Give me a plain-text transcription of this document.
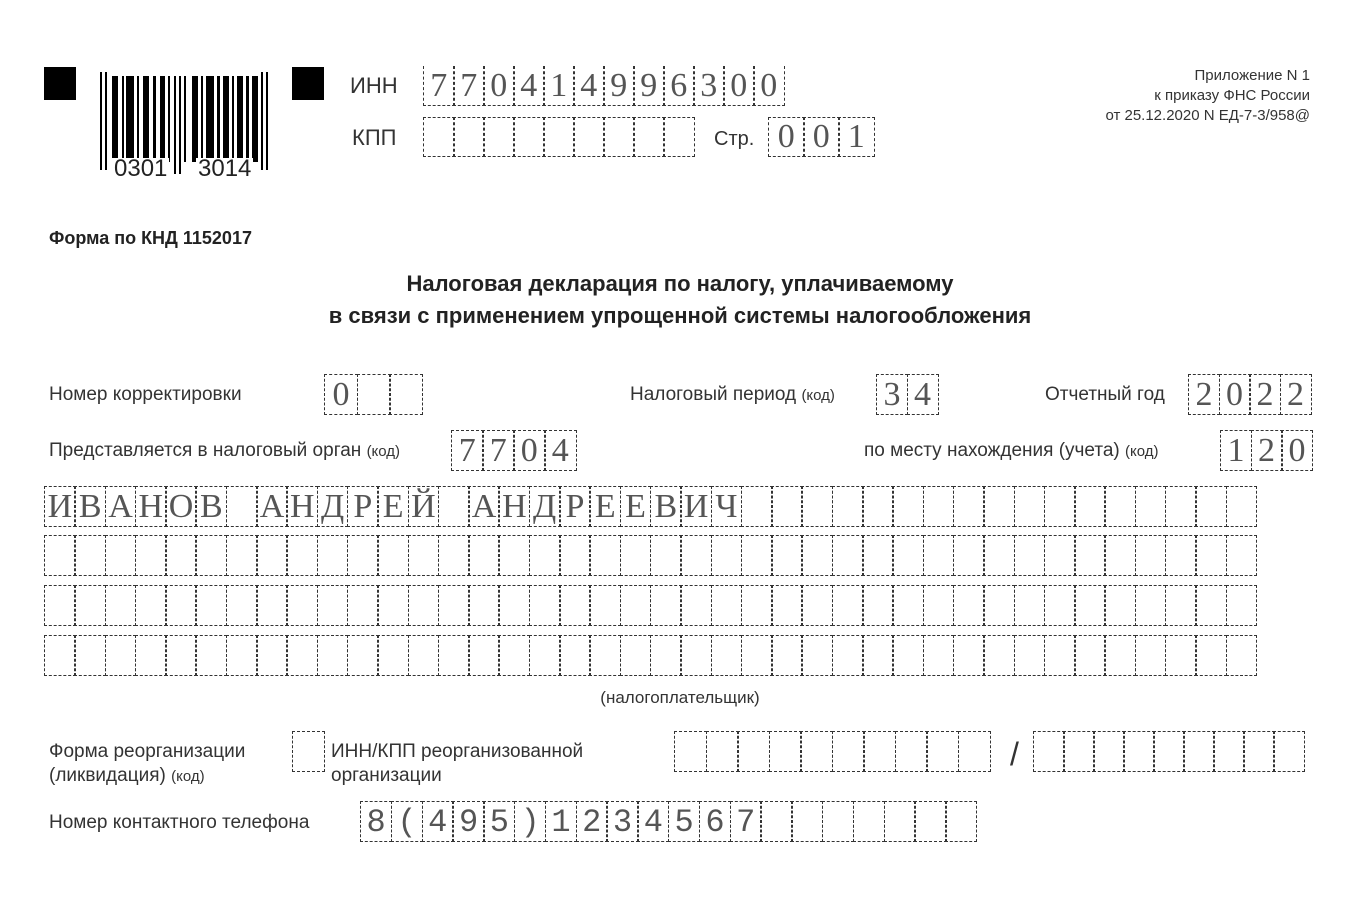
0301 3014
ИНН 7 7 0 4 1 4 9 9 6 3 0 0
КПП	Стр. 0 0 1
Приложение N 1
к приказу ФНС России
от 25.12.2020 N ЕД-7-3/958@
Форма по КНД 1152017
Налоговая декларация по налогу, уплачиваемому
в связи с применением упрощенной системы налогообложения
Номер корректировки	0	Налоговый период (код) 3 4	Отчетный год 2 0 2 2
Представляется в налоговый орган (код) 7 7 0 4	по месту нахождения (учета) (код) 1 2 0
И В А Н О В А Н Д Р Е Й А Н Д Р Е Е В И Ч
(налогоплательщик)
Форма реорганизации
(ликвидация) (код)
ИНН/КПП реорганизованной
организации
/
Номер контактного телефона 8 ( 4 9 5 ) 1 2 3 4 5 6 7
